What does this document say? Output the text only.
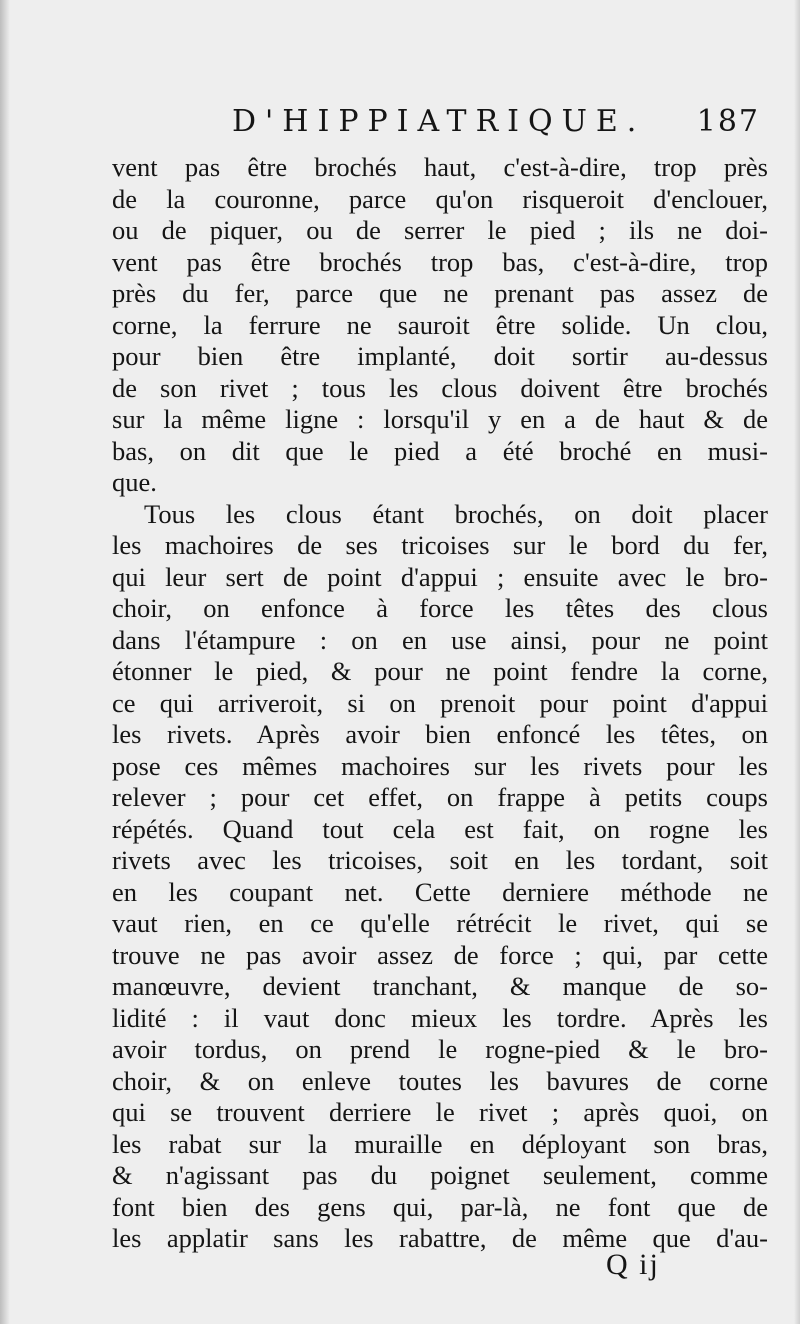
D'HIPPIATRIQUE. 187
vent pas être brochés haut, c'est-à-dire, trop près
de la couronne, parce qu'on risqueroit d'enclouer,
ou de piquer, ou de serrer le pied ; ils ne doi-
vent pas être brochés trop bas, c'est-à-dire, trop
près du fer, parce que ne prenant pas assez de
corne, la ferrure ne sauroit être solide. Un clou,
pour bien être implanté, doit sortir au-dessus
de son rivet ; tous les clous doivent être brochés
sur la même ligne : lorsqu'il y en a de haut & de
bas, on dit que le pied a été broché en musi-
que.
Tous les clous étant brochés, on doit placer
les machoires de ses tricoises sur le bord du fer,
qui leur sert de point d'appui ; ensuite avec le bro-
choir, on enfonce à force les têtes des clous
dans l'étampure : on en use ainsi, pour ne point
étonner le pied, & pour ne point fendre la corne,
ce qui arriveroit, si on prenoit pour point d'appui
les rivets. Après avoir bien enfoncé les têtes, on
pose ces mêmes machoires sur les rivets pour les
relever ; pour cet effet, on frappe à petits coups
répétés. Quand tout cela est fait, on rogne les
rivets avec les tricoises, soit en les tordant, soit
en les coupant net. Cette derniere méthode ne
vaut rien, en ce qu'elle rétrécit le rivet, qui se
trouve ne pas avoir assez de force ; qui, par cette
manœuvre, devient tranchant, & manque de so-
lidité : il vaut donc mieux les tordre. Après les
avoir tordus, on prend le rogne-pied & le bro-
choir, & on enleve toutes les bavures de corne
qui se trouvent derriere le rivet ; après quoi, on
les rabat sur la muraille en déployant son bras,
& n'agissant pas du poignet seulement, comme
font bien des gens qui, par-là, ne font que de
les applatir sans les rabattre, de même que d'au-
Q ij
